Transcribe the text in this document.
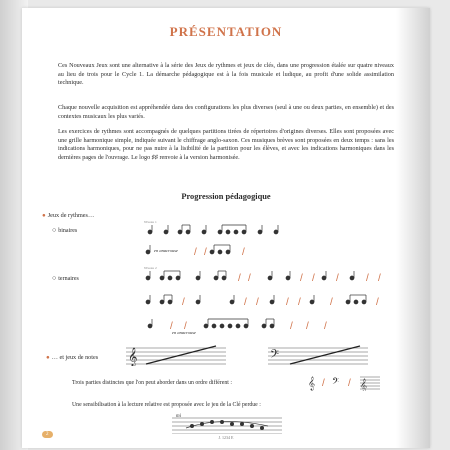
PRÉSENTATION
Ces Nouveaux Jeux sont une alternative à la série des Jeux de rythmes et jeux de clés, dans une progression étalée sur quatre niveaux au lieu de trois pour le Cycle 1. La démarche pédagogique est à la fois musicale et ludique, au profit d'une solide assimilation technique.
Chaque nouvelle acquisition est appréhendée dans des configurations les plus diverses (seul à une ou deux parties, en ensemble) et des contextes musicaux les plus variés.
Les exercices de rythmes sont accompagnés de quelques partitions tirées de répertoires d'origines diverses. Elles sont proposées avec une grille harmonique simple, indiquée suivant le chiffrage anglo-saxon. Ces musiques brèves sont proposées en deux temps : sans les indications harmoniques, pour ne pas nuire à la lisibilité de la partition pour les élèves, et avec les indications harmoniques dans les dernières pages de l'ouvrage. Le logo ♯♯ renvoie à la version harmonisée.
Progression pédagogique
● Jeux de rythmes…
○ binaires
Niveau 1
/ /	/
en anacrouse
○ ternaires
Niveau 2
/ /	/ / /	/ /
/	/ /	/ /	/	/
/ /	/ / /
en anacrouse
● … et jeux de notes 𝄞	𝄢
Trois parties distinctes que l'on peut aborder dans un ordre différent :	𝄞 / 𝄢 / 𝄞
Une sensibilisation à la lecture relative est proposée avec le jeu de la Clé perdue :
mi
2
J. 1234 E
